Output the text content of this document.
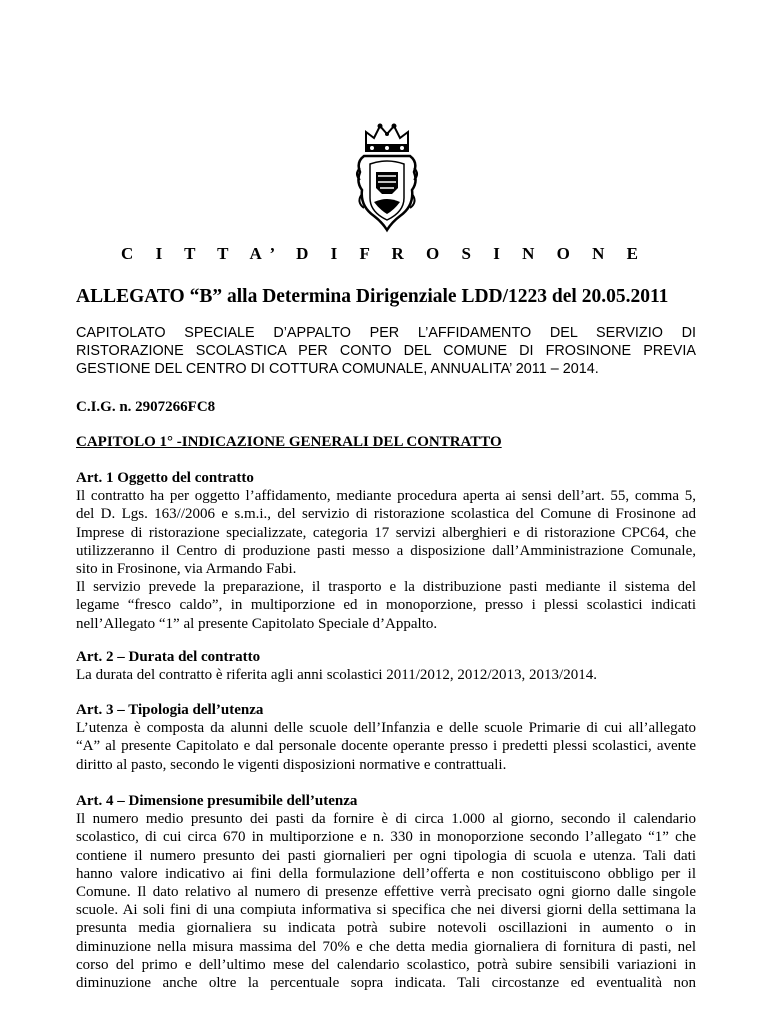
C I T T A’ D I F R O S I N O N E
ALLEGATO “B” alla Determina Dirigenziale LDD/1223 del 20.05.2011
CAPITOLATO SPECIALE D’APPALTO PER L’AFFIDAMENTO DEL SERVIZIO DI
RISTORAZIONE SCOLASTICA PER CONTO DEL COMUNE DI FROSINONE PREVIA
GESTIONE DEL CENTRO DI COTTURA COMUNALE, ANNUALITA’ 2011 – 2014.
C.I.G. n. 2907266FC8
CAPITOLO 1° -INDICAZIONE GENERALI DEL CONTRATTO
Art. 1 Oggetto del contratto
Il contratto ha per oggetto l’affidamento, mediante procedura aperta ai sensi dell’art. 55, comma 5,
del D. Lgs. 163//2006 e s.m.i., del servizio di ristorazione scolastica del Comune di Frosinone ad
Imprese di ristorazione specializzate, categoria 17 servizi alberghieri e di ristorazione CPC64, che
utilizzeranno il Centro di produzione pasti messo a disposizione dall’Amministrazione Comunale,
sito in Frosinone, via Armando Fabi.
Il servizio prevede la preparazione, il trasporto e la distribuzione pasti mediante il sistema del
legame “fresco caldo”, in multiporzione ed in monoporzione, presso i plessi scolastici indicati
nell’Allegato “1” al presente Capitolato Speciale d’Appalto.
Art. 2 – Durata del contratto
La durata del contratto è riferita agli anni scolastici 2011/2012, 2012/2013, 2013/2014.
Art. 3 – Tipologia dell’utenza
L’utenza è composta da alunni delle scuole dell’Infanzia e delle scuole Primarie di cui all’allegato
“A” al presente Capitolato e dal personale docente operante presso i predetti plessi scolastici, avente
diritto al pasto, secondo le vigenti disposizioni normative e contrattuali.
Art. 4 – Dimensione presumibile dell’utenza
Il numero medio presunto dei pasti da fornire è di circa 1.000 al giorno, secondo il calendario
scolastico, di cui circa 670 in multiporzione e n. 330 in monoporzione secondo l’allegato “1” che
contiene il numero presunto dei pasti giornalieri per ogni tipologia di scuola e utenza. Tali dati
hanno valore indicativo ai fini della formulazione dell’offerta e non costituiscono obbligo per il
Comune. Il dato relativo al numero di presenze effettive verrà precisato ogni giorno dalle singole
scuole. Ai soli fini di una compiuta informativa si specifica che nei diversi giorni della settimana la
presunta media giornaliera su indicata potrà subire notevoli oscillazioni in aumento o in
diminuzione nella misura massima del 70% e che detta media giornaliera di fornitura di pasti, nel
corso del primo e dell’ultimo mese del calendario scolastico, potrà subire sensibili variazioni in
diminuzione anche oltre la percentuale sopra indicata. Tali circostanze ed eventualità non
